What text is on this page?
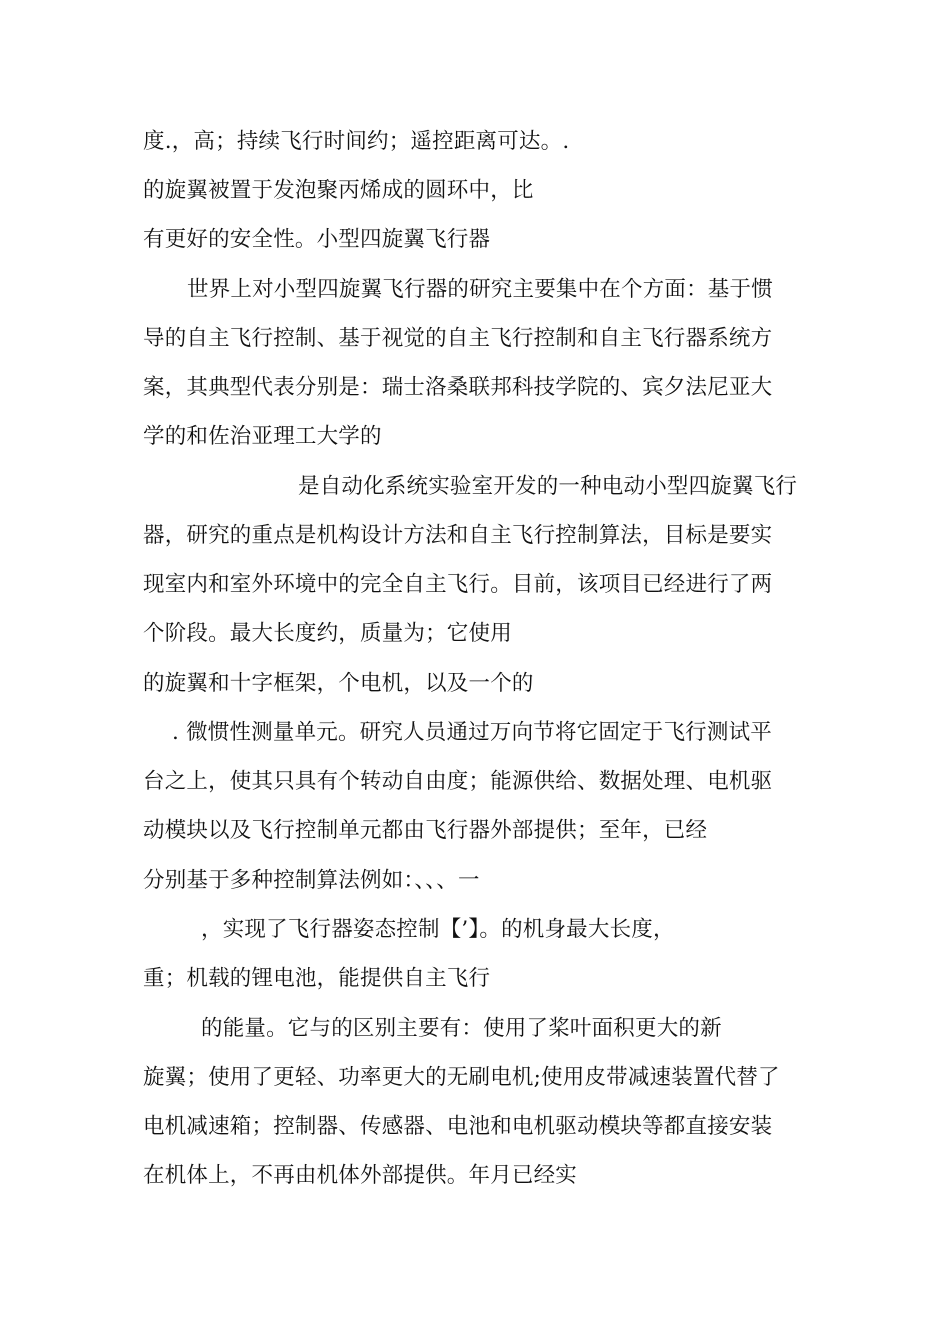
度.，高；持续飞行时间约；遥控距离可达。.
的旋翼被置于发泡聚丙烯成的圆环中，比
有更好的安全性。小型四旋翼飞行器
世界上对小型四旋翼飞行器的研究主要集中在个方面：基于惯
导的自主飞行控制、基于视觉的自主飞行控制和自主飞行器系统方
案，其典型代表分别是：瑞士洛桑联邦科技学院的、宾夕法尼亚大
学的和佐治亚理工大学的
是自动化系统实验室开发的一种电动小型四旋翼飞行
器，研究的重点是机构设计方法和自主飞行控制算法，目标是要实
现室内和室外环境中的完全自主飞行。目前，该项目已经进行了两
个阶段。最大长度约，质量为；它使用
的旋翼和十字框架，个电机，以及一个的
. 微惯性测量单元。研究人员通过万向节将它固定于飞行测试平
台之上，使其只具有个转动自由度；能源供给、数据处理、电机驱
动模块以及飞行控制单元都由飞行器外部提供；至年，已经
分别基于多种控制算法例如：、、、一
，实现了飞行器姿态控制【’】。的机身最大长度，
重；机载的锂电池，能提供自主飞行
的能量。它与的区别主要有：使用了桨叶面积更大的新
旋翼；使用了更轻、功率更大的无刷电机;使用皮带减速装置代替了
电机减速箱；控制器、传感器、电池和电机驱动模块等都直接安装
在机体上，不再由机体外部提供。年月已经实
